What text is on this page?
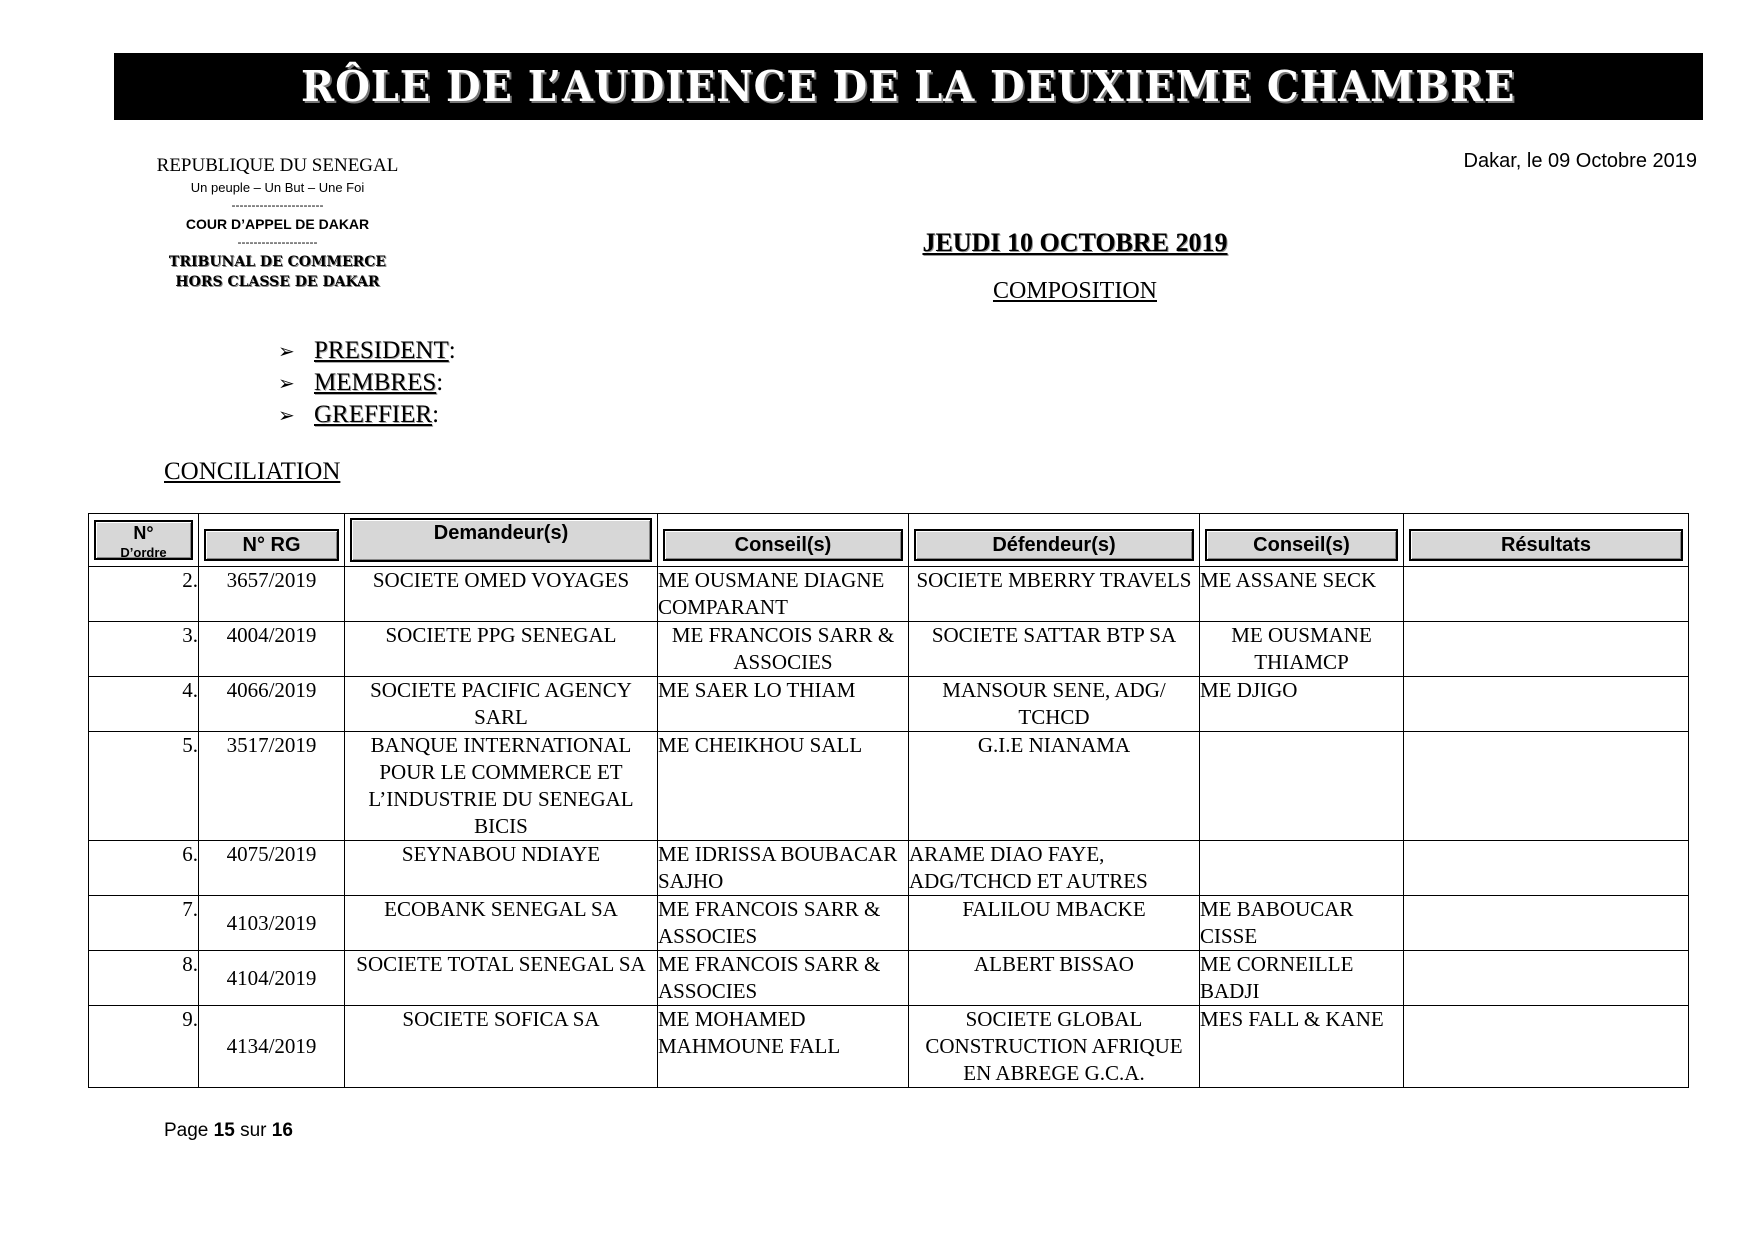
RÔLE DE L’AUDIENCE DE LA DEUXIEME CHAMBRE
REPUBLIQUE DU SENEGAL
Un peuple – Un But – Une Foi
-----------------------
COUR D’APPEL DE DAKAR
--------------------
TRIBUNAL DE COMMERCE
HORS CLASSE DE DAKAR
Dakar, le 09 Octobre 2019
JEUDI 10 OCTOBRE 2019
COMPOSITION
➢ PRESIDENT :
➢ MEMBRES :
➢ GREFFIER :
CONCILIATION
N°
D’ordre	N° RG	Demandeur(s)	Conseil(s)	Défendeur(s)	Conseil(s)	Résultats

2.	3657/2019	SOCIETE OMED VOYAGES	ME OUSMANE DIAGNE COMPARANT	SOCIETE MBERRY TRAVELS	ME ASSANE SECK	
3.	4004/2019	SOCIETE PPG SENEGAL	ME FRANCOIS SARR & ASSOCIES	SOCIETE SATTAR BTP SA	ME OUSMANE THIAMCP	
4.	4066/2019	SOCIETE PACIFIC AGENCY SARL	ME SAER LO THIAM	MANSOUR SENE, ADG/ TCHCD	ME DJIGO	
5.	3517/2019	BANQUE INTERNATIONAL POUR LE COMMERCE ET L’INDUSTRIE DU SENEGAL BICIS	ME CHEIKHOU SALL	G.I.E NIANAMA		
6.	4075/2019	SEYNABOU NDIAYE	ME IDRISSA BOUBACAR SAJHO	ARAME DIAO FAYE, ADG/TCHCD ET AUTRES		
7.	4103/2019	ECOBANK SENEGAL SA	ME FRANCOIS SARR & ASSOCIES	FALILOU MBACKE	ME BABOUCAR CISSE	
8.	4104/2019	SOCIETE TOTAL SENEGAL SA	ME FRANCOIS SARR & ASSOCIES	ALBERT BISSAO	ME CORNEILLE BADJI	
9.	4134/2019	SOCIETE SOFICA SA	ME MOHAMED MAHMOUNE FALL	SOCIETE GLOBAL CONSTRUCTION AFRIQUE EN ABREGE G.C.A.	MES FALL & KANE	
Page 15 sur 16
